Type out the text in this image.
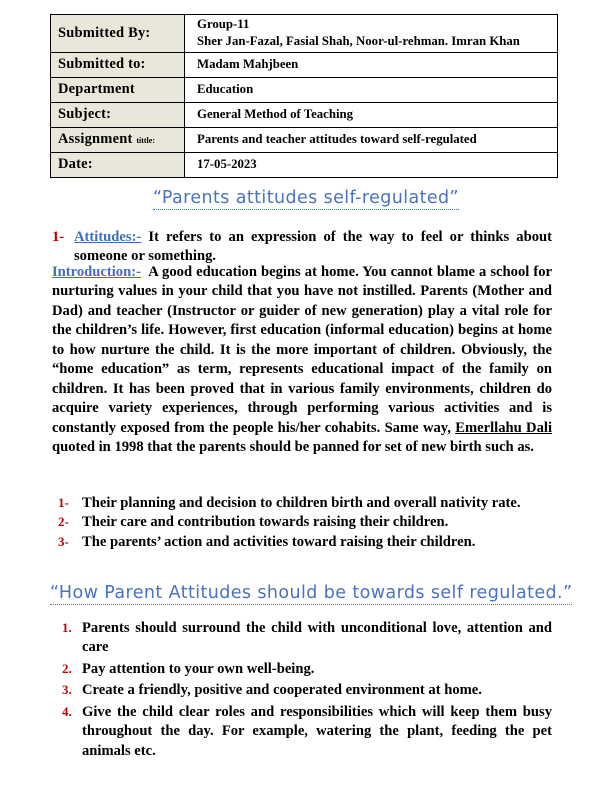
Submitted By:	Group-11
Sher Jan-Fazal, Fasial Shah, Noor-ul-rehman. Imran Khan

Submitted to:	Madam Mahjbeen

Department	Education

Subject:	General Method of Teaching

Assignment tittle:	Parents and teacher attitudes toward self-regulated

Date:	17-05-2023
“Parents attitudes self-regulated”

1- Attitudes:- It refers to an expression of the way to feel or thinks about someone or something.

Introduction:- A good education begins at home. You cannot blame a school for nurturing values in your child that you have not instilled. Parents (Mother and Dad) and teacher (Instructor or guider of new generation) play a vital role for the children’s life. However, first education (informal education) begins at home to how nurture the child. It is the more important of children. Obviously, the “home education” as term, represents educational impact of the family on children. It has been proved that in various family environments, children do acquire variety experiences, through performing various activities and is constantly exposed from the people his/her cohabits. Same way, Emerllahu Dali quoted in 1998 that the parents should be panned for set of new birth such as.

1- Their planning and decision to children birth and overall nativity rate.
2- Their care and contribution towards raising their children.
3- The parents’ action and activities toward raising their children.
“How Parent Attitudes should be towards self regulated.”
1. Parents should surround the child with unconditional love, attention and care
2. Pay attention to your own well-being.
3. Create a friendly, positive and cooperated environment at home.
4. Give the child clear roles and responsibilities which will keep them busy throughout the day. For example, watering the plant, feeding the pet animals etc.
